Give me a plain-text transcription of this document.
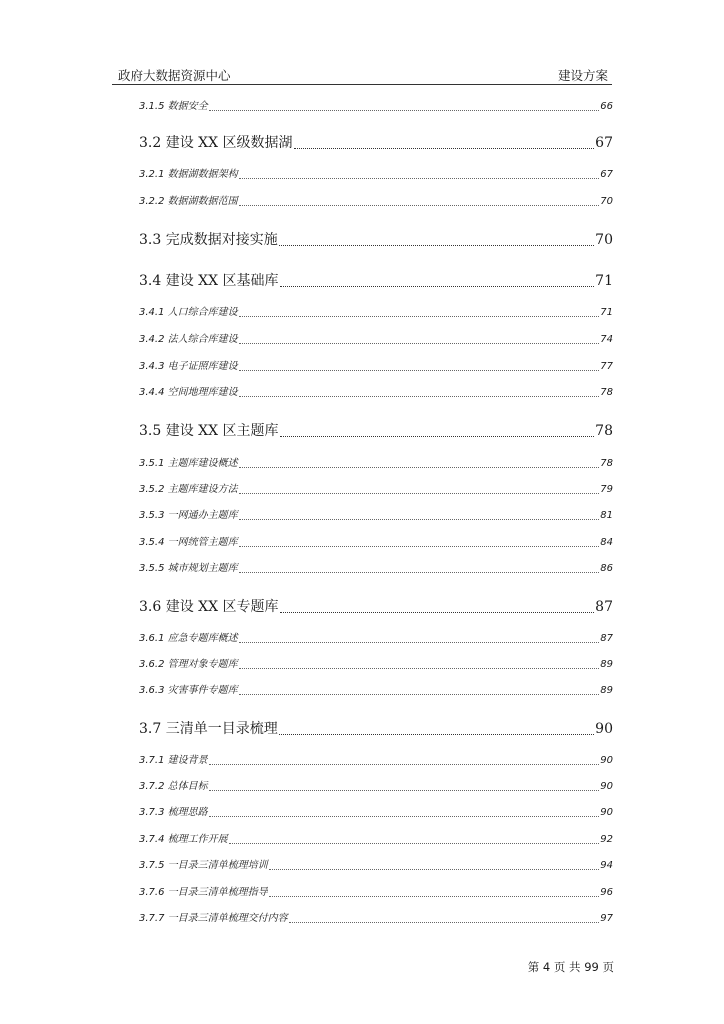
政府大数据资源中心	建设方案
3.1.5 数据安全	66
3.2 建设 XX 区级数据湖	67
3.2.1 数据湖数据架构	67
3.2.2 数据湖数据范围	70
3.3 完成数据对接实施	70
3.4 建设 XX 区基础库	71
3.4.1 人口综合库建设	71
3.4.2 法人综合库建设	74
3.4.3 电子证照库建设	77
3.4.4 空间地理库建设	78
3.5 建设 XX 区主题库	78
3.5.1 主题库建设概述	78
3.5.2 主题库建设方法	79
3.5.3 一网通办主题库	81
3.5.4 一网统管主题库	84
3.5.5 城市规划主题库	86
3.6 建设 XX 区专题库	87
3.6.1 应急专题库概述	87
3.6.2 管理对象专题库	89
3.6.3 灾害事件专题库	89
3.7 三清单一目录梳理	90
3.7.1 建设背景	90
3.7.2 总体目标	90
3.7.3 梳理思路	90
3.7.4 梳理工作开展	92
3.7.5 一目录三清单梳理培训	94
3.7.6 一目录三清单梳理指导	96
3.7.7 一目录三清单梳理交付内容	97
第 4 页 共 99 页
